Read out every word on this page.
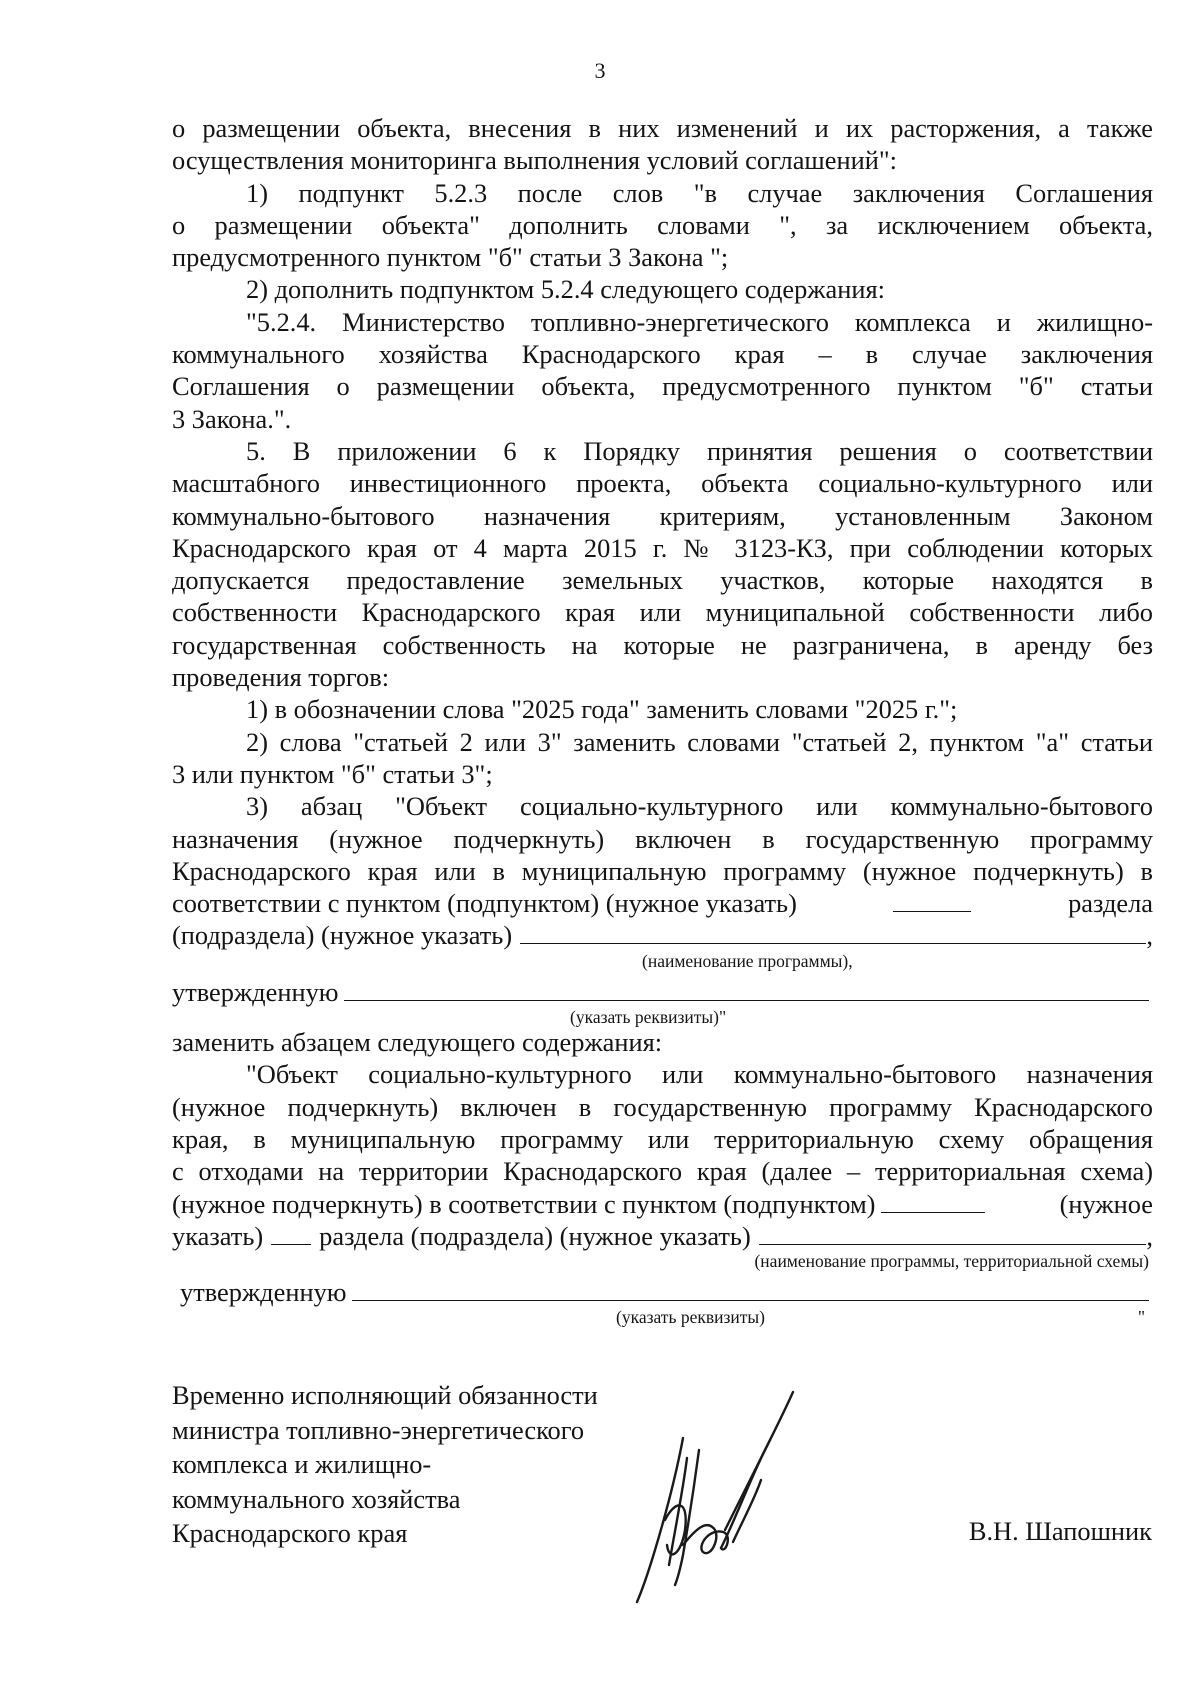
3
о размещении объекта, внесения в них изменений и их расторжения, а также
осуществления мониторинга выполнения условий соглашений":
1) подпункт 5.2.3 после слов "в случае заключения Соглашения
о размещении объекта" дополнить словами ", за исключением объекта,
предусмотренного пунктом "б" статьи 3 Закона ";
2) дополнить подпунктом 5.2.4 следующего содержания:
"5.2.4. Министерство топливно-энергетического комплекса и жилищно-
коммунального хозяйства Краснодарского края – в случае заключения
Соглашения о размещении объекта, предусмотренного пунктом "б" статьи
3 Закона.".
5. В приложении 6 к Порядку принятия решения о соответствии
масштабного инвестиционного проекта, объекта социально-культурного или
коммунально-бытового назначения критериям, установленным Законом
Краснодарского края от 4 марта 2015 г. № 3123-КЗ, при соблюдении которых
допускается предоставление земельных участков, которые находятся в
собственности Краснодарского края или муниципальной собственности либо
государственная собственность на которые не разграничена, в аренду без
проведения торгов:
1) в обозначении слова "2025 года" заменить словами "2025 г.";
2) слова "статьей 2 или 3" заменить словами "статьей 2, пунктом "а" статьи
3 или пунктом "б" статьи 3";
3) абзац "Объект социально-культурного или коммунально-бытового
назначения (нужное подчеркнуть) включен в государственную программу
Краснодарского края или в муниципальную программу (нужное подчеркнуть) в
соответствии с пунктом (подпунктом) (нужное указать)	раздела
(подраздела) (нужное указать)	,
(наименование программы),
утвержденную
(указать реквизиты)"
заменить абзацем следующего содержания:
"Объект социально-культурного или коммунально-бытового назначения
(нужное подчеркнуть) включен в государственную программу Краснодарского
края, в муниципальную программу или территориальную схему обращения
с отходами на территории Краснодарского края (далее – территориальная схема)
(нужное подчеркнуть) в соответствии с пунктом (подпунктом)	(нужное
указать) раздела (подраздела) (нужное указать)	,
(наименование программы, территориальной схемы)
утвержденную
(указать реквизиты)	"
Временно исполняющий обязанности
министра топливно-энергетического
комплекса и жилищно-
коммунального хозяйства
Краснодарского края	В.Н. Шапошник
